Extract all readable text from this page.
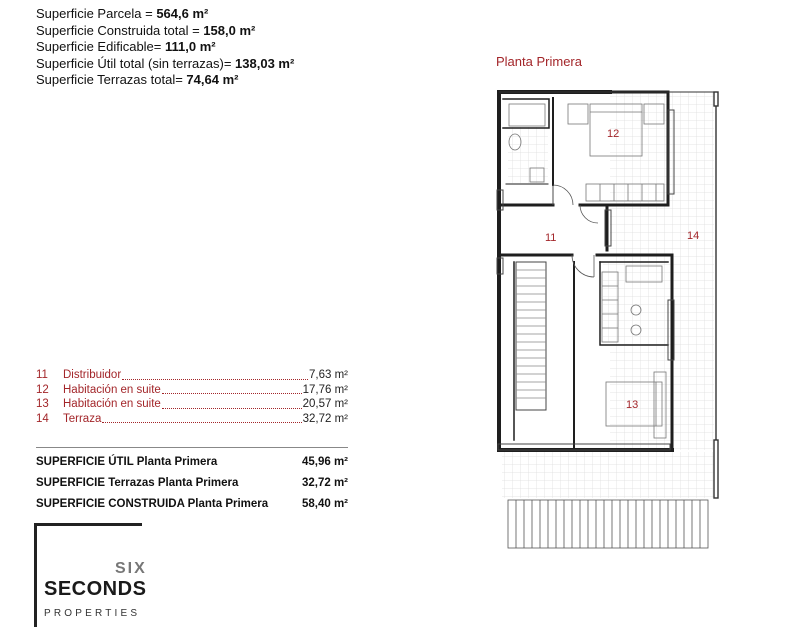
Superficie Parcela = 564,6 m²
Superficie Construida total = 158,0 m²
Superficie Edificable= 111,0 m²
Superficie Útil total (sin terrazas)= 138,03 m²
Superficie Terrazas total= 74,64 m²
Planta Primera
11
12
13
14
11	Distribuidor	7,63 m²
12	Habitación en suite	17,76 m²
13	Habitación en suite	20,57 m²
14	Terraza	32,72 m²
SUPERFICIE ÚTIL Planta Primera	45,96 m²
SUPERFICIE Terrazas Planta Primera	32,72 m²
SUPERFICIE CONSTRUIDA Planta Primera	58,40 m²
SIX
SECONDS
PROPERTIES
